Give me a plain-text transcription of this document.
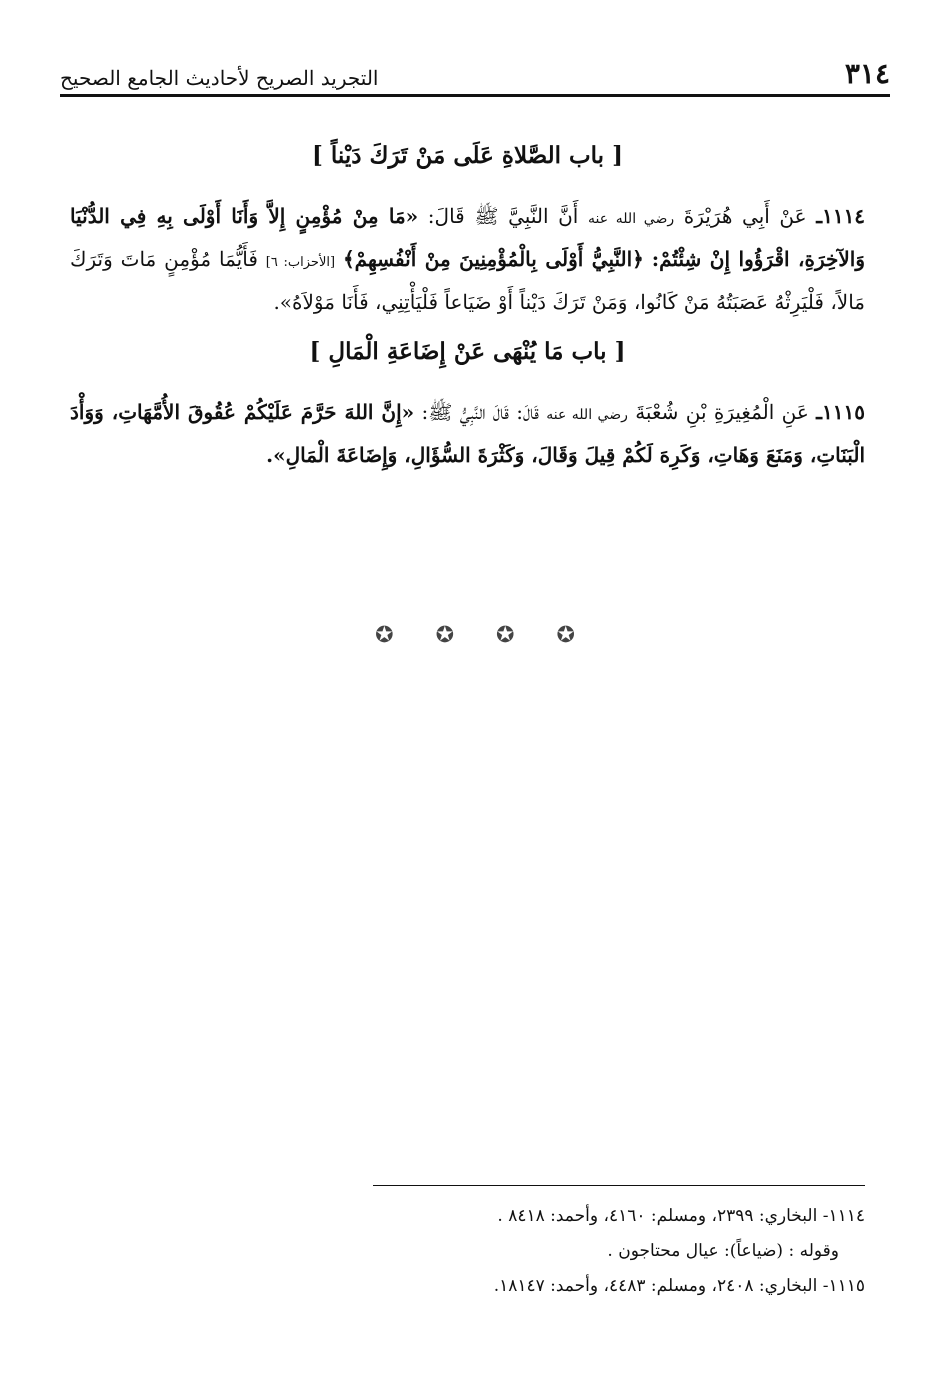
٣١٤
التجريد الصريح لأحاديث الجامع الصحيح
[ باب الصَّلاةِ عَلَى مَنْ تَرَكَ دَيْناً ]

١١١٤ـ عَنْ أَبِي هُرَيْرَةَ رضي الله عنه أَنَّ النَّبِيَّ ﷺ قَالَ: «مَا مِنْ مُؤْمِنٍ إِلاَّ وَأَنَا أَوْلَى بِهِ فِي الدُّنْيَا وَالآخِرَةِ، اقْرَؤُوا إِنْ شِئْتُمْ: ﴿النَّبِيُّ أَوْلَى بِالْمُؤْمِنِينَ مِنْ أَنْفُسِهِمْ﴾ [الأحزاب: ٦] فَأَيُّمَا مُؤْمِنٍ مَاتَ وَتَرَكَ مَالاً، فَلْيَرِثْهُ عَصَبَتُهُ مَنْ كَانُوا، وَمَنْ تَرَكَ دَيْناً أَوْ ضَيَاعاً فَلْيَأْتِنِي، فَأَنَا مَوْلاَهُ».

[ باب مَا يُنْهَى عَنْ إِضَاعَةِ الْمَالِ ]

١١١٥ـ عَنِ الْمُغِيرَةِ بْنِ شُعْبَةَ رضي الله عنه قَالَ: قَالَ النَّبِيُّ ﷺ: «إِنَّ اللهَ حَرَّمَ عَلَيْكُمْ عُقُوقَ الأُمَّهَاتِ، وَوَأْدَ الْبَنَاتِ، وَمَنَعَ وَهَاتِ، وَكَرِهَ لَكُمْ قِيلَ وَقَالَ، وَكَثْرَةَ السُّؤَالِ، وَإِضَاعَةَ الْمَالِ».

✪ ✪ ✪ ✪

١١١٤- البخاري: ٢٣٩٩، ومسلم: ٤١٦٠، وأحمد: ٨٤١٨ .

وقوله : (ضياعاً): عيال محتاجون .

١١١٥- البخاري: ٢٤٠٨، ومسلم: ٤٤٨٣، وأحمد: ١٨١٤٧.
